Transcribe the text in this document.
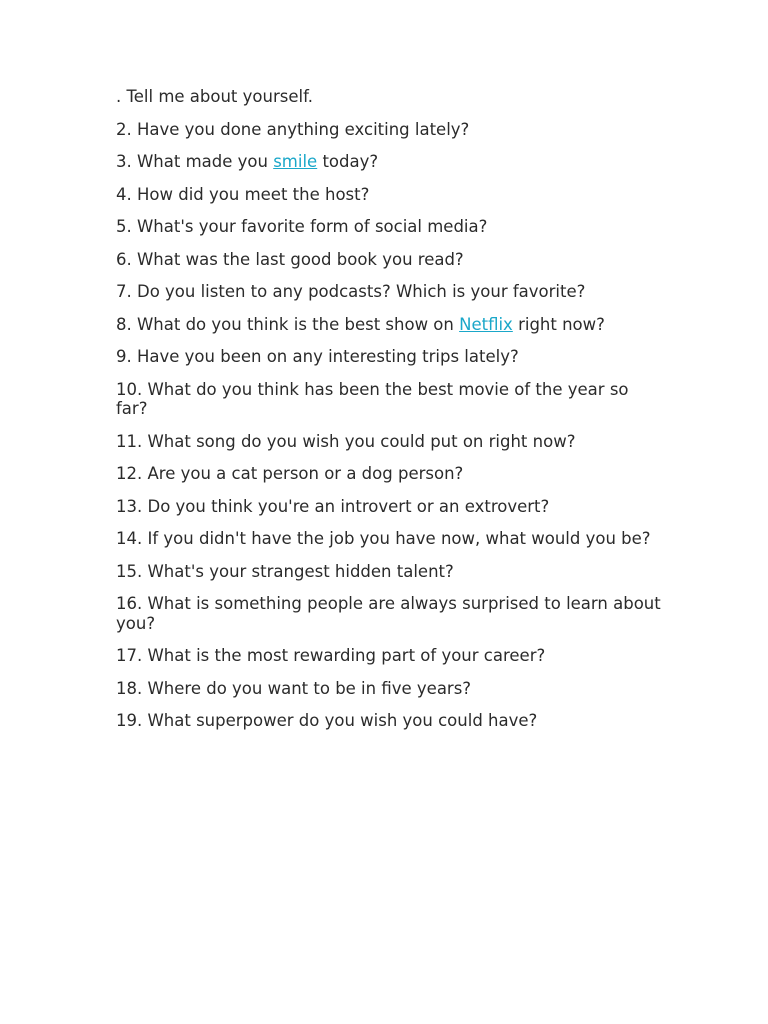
. Tell me about yourself.
2. Have you done anything exciting lately?
3. What made you smile today?
4. How did you meet the host?
5. What's your favorite form of social media?
6. What was the last good book you read?
7. Do you listen to any podcasts? Which is your favorite?
8. What do you think is the best show on Netflix right now?
9. Have you been on any interesting trips lately?
10. What do you think has been the best movie of the year so far?
11. What song do you wish you could put on right now?
12. Are you a cat person or a dog person?
13. Do you think you're an introvert or an extrovert?
14. If you didn't have the job you have now, what would you be?
15. What's your strangest hidden talent?
16. What is something people are always surprised to learn about you?
17. What is the most rewarding part of your career?
18. Where do you want to be in five years?
19. What superpower do you wish you could have?
